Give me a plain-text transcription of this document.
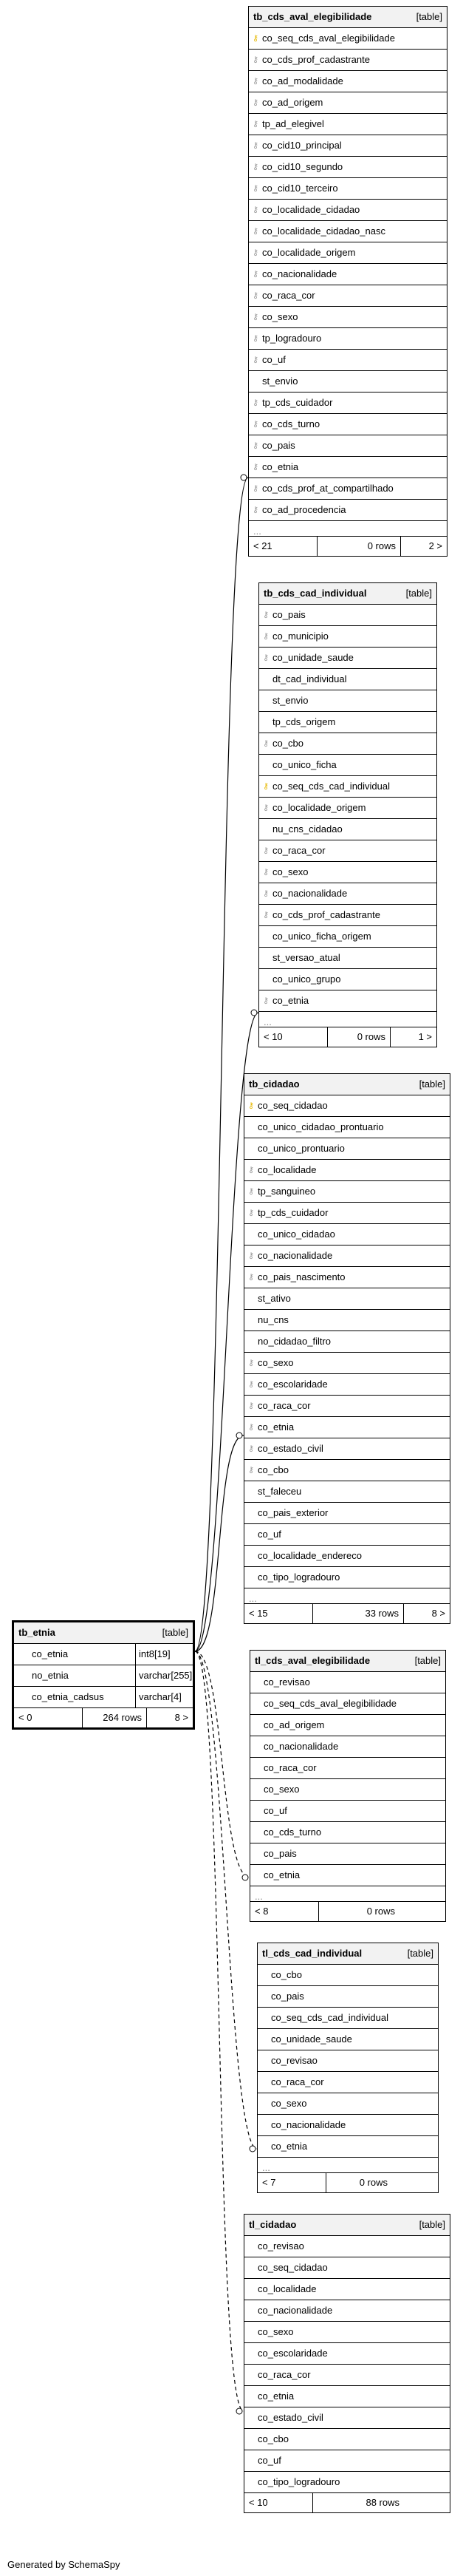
tb_cds_aval_elegibilidade	[table]
⚷ co_seq_cds_aval_elegibilidade
⚷ co_cds_prof_cadastrante
⚷ co_ad_modalidade
⚷ co_ad_origem
⚷ tp_ad_elegivel
⚷ co_cid10_principal
⚷ co_cid10_segundo
⚷ co_cid10_terceiro
⚷ co_localidade_cidadao
⚷ co_localidade_cidadao_nasc
⚷ co_localidade_origem
⚷ co_nacionalidade
⚷ co_raca_cor
⚷ co_sexo
⚷ tp_logradouro
⚷ co_uf
st_envio
⚷ tp_cds_cuidador
⚷ co_cds_turno
⚷ co_pais
⚷ co_etnia
⚷ co_cds_prof_at_compartilhado
⚷ co_ad_procedencia
...
< 21	0 rows	2 >
tb_cds_cad_individual	[table]
⚷ co_pais
⚷ co_municipio
⚷ co_unidade_saude
dt_cad_individual
st_envio
tp_cds_origem
⚷ co_cbo
co_unico_ficha
⚷ co_seq_cds_cad_individual
⚷ co_localidade_origem
nu_cns_cidadao
⚷ co_raca_cor
⚷ co_sexo
⚷ co_nacionalidade
⚷ co_cds_prof_cadastrante
co_unico_ficha_origem
st_versao_atual
co_unico_grupo
⚷ co_etnia
...
< 10	0 rows	1 >
tb_cidadao	[table]
⚷ co_seq_cidadao
co_unico_cidadao_prontuario
co_unico_prontuario
⚷ co_localidade
⚷ tp_sanguineo
⚷ tp_cds_cuidador
co_unico_cidadao
⚷ co_nacionalidade
⚷ co_pais_nascimento
st_ativo
nu_cns
no_cidadao_filtro
⚷ co_sexo
⚷ co_escolaridade
⚷ co_raca_cor
⚷ co_etnia
⚷ co_estado_civil
⚷ co_cbo
st_faleceu
co_pais_exterior
co_uf
co_localidade_endereco
co_tipo_logradouro
...
< 15	33 rows	8 >
tb_etnia	[table]
co_etnia	int8[19]
no_etnia	varchar[255]
co_etnia_cadsus	varchar[4]
< 0	264 rows	8 >
tl_cds_aval_elegibilidade	[table]
co_revisao
co_seq_cds_aval_elegibilidade
co_ad_origem
co_nacionalidade
co_raca_cor
co_sexo
co_uf
co_cds_turno
co_pais
co_etnia
...
< 8	0 rows
tl_cds_cad_individual	[table]
co_cbo
co_pais
co_seq_cds_cad_individual
co_unidade_saude
co_revisao
co_raca_cor
co_sexo
co_nacionalidade
co_etnia
...
< 7	0 rows
tl_cidadao	[table]
co_revisao
co_seq_cidadao
co_localidade
co_nacionalidade
co_sexo
co_escolaridade
co_raca_cor
co_etnia
co_estado_civil
co_cbo
co_uf
co_tipo_logradouro
< 10	88 rows
Generated by SchemaSpy
